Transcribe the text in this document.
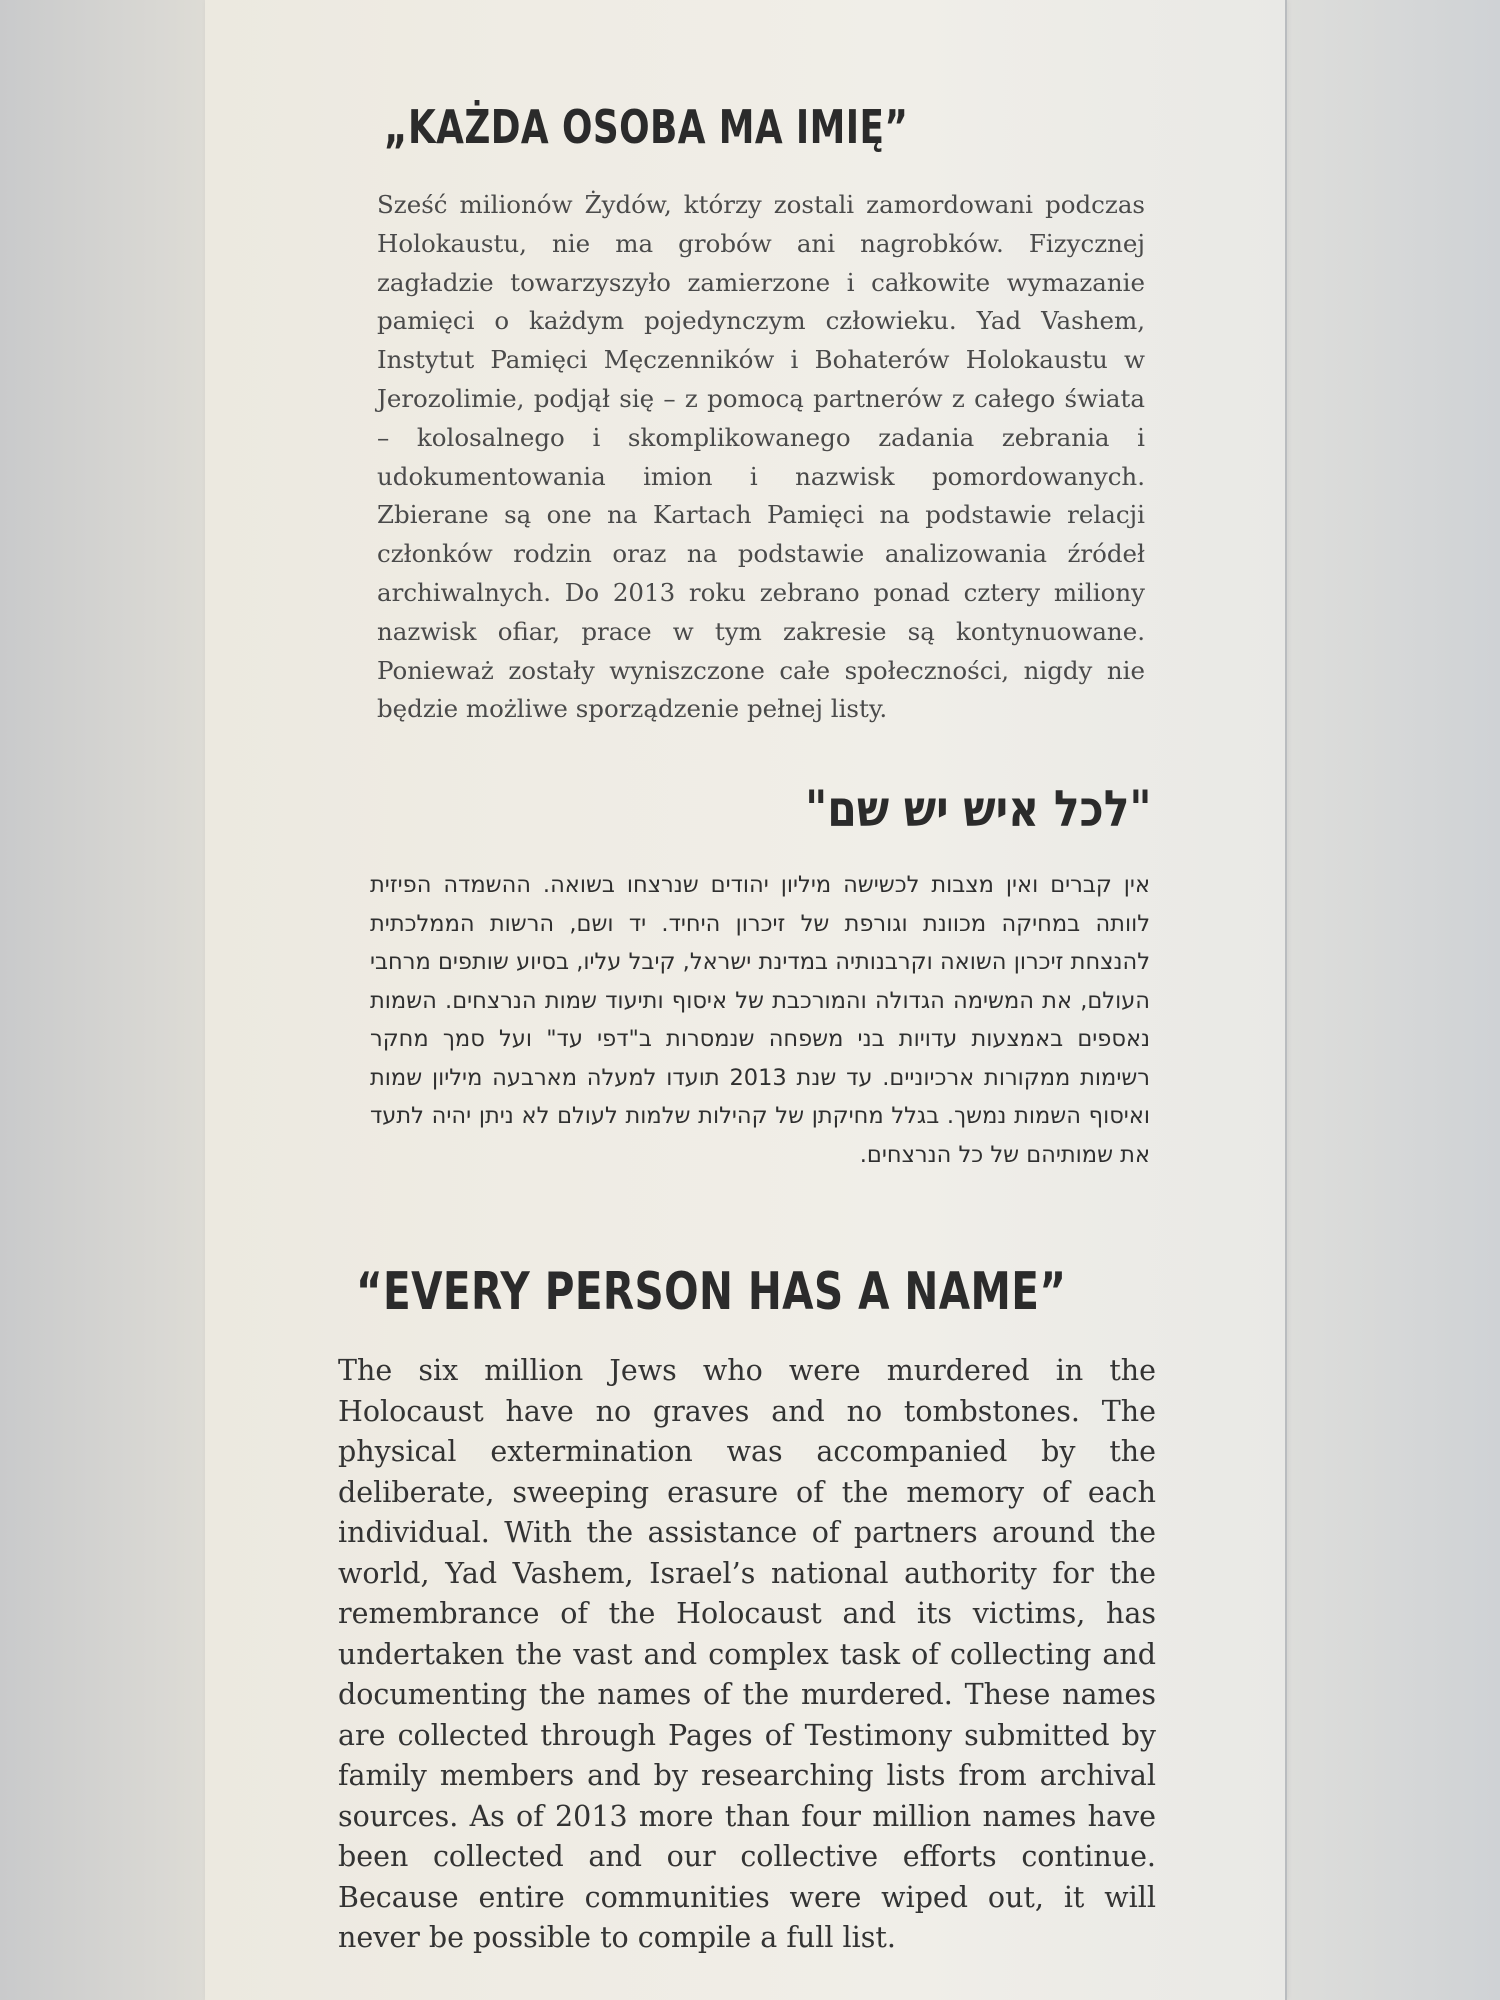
„KAŻDA OSOBA MA IMIĘ”
Sześć milionów Żydów, którzy zostali zamordowani podczas Holokaustu, nie ma grobów ani nagrobków. Fizycznej zagładzie towarzyszyło zamierzone i całkowite wymazanie pamięci o każdym pojedynczym człowieku. Yad Vashem, Instytut Pamięci Męczenników i Bohaterów Holokaustu w Jerozolimie, podjął się – z pomocą partnerów z całego świata – kolosalnego i skomplikowanego zadania zebrania i udokumentowania imion i nazwisk pomordowanych. Zbierane są one na Kartach Pamięci na podstawie relacji członków rodzin oraz na podstawie analizowania źródeł archiwalnych. Do 2013 roku zebrano ponad cztery miliony nazwisk ofiar, prace w tym zakresie są kontynuowane. Ponieważ zostały wyniszczone całe społeczności, nigdy nie będzie możliwe sporządzenie pełnej listy.
"לכל איש יש שם"
אין קברים ואין מצבות לכשישה מיליון יהודים שנרצחו בשואה. ההשמדה הפיזית לוותה במחיקה מכוונת וגורפת של זיכרון היחיד. יד ושם, הרשות הממלכתית להנצחת זיכרון השואה וקרבנותיה במדינת ישראל, קיבל עליו, בסיוע שותפים מרחבי העולם, את המשימה הגדולה והמורכבת של איסוף ותיעוד שמות הנרצחים. השמות נאספים באמצעות עדויות בני משפחה שנמסרות ב"דפי עד" ועל סמך מחקר רשימות ממקורות ארכיוניים. עד שנת 2013 תועדו למעלה מארבעה מיליון שמות ואיסוף השמות נמשך. בגלל מחיקתן של קהילות שלמות לעולם לא ניתן יהיה לתעד את שמותיהם של כל הנרצחים.
“EVERY PERSON HAS A NAME”
The six million Jews who were murdered in the Holocaust have no graves and no tombstones. The physical extermination was accompanied by the deliberate, sweeping erasure of the memory of each individual. With the assistance of partners around the world, Yad Vashem, Israel’s national authority for the remembrance of the Holocaust and its victims, has undertaken the vast and complex task of collecting and documenting the names of the murdered. These names are collected through Pages of Testimony submitted by family members and by researching lists from archival sources. As of 2013 more than four million names have been collected and our collective efforts continue. Because entire communities were wiped out, it will never be possible to compile a full list.
